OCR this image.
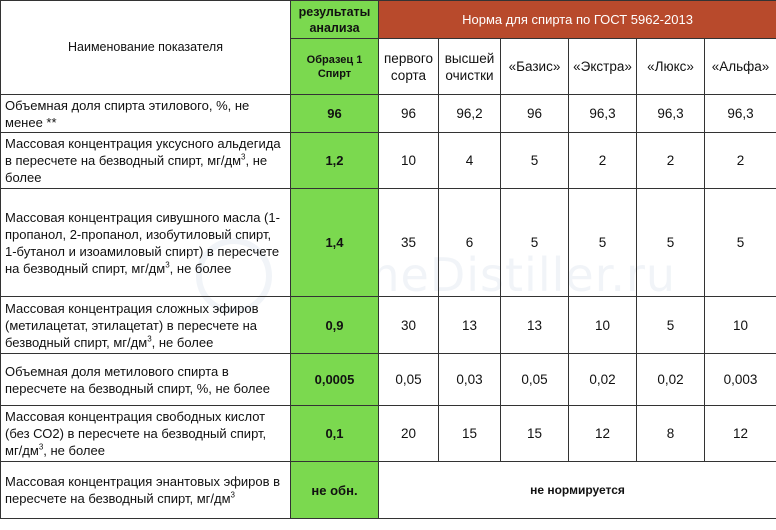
HomeDistiller.ru
Наименование показателя	результаты анализа	Норма для спирта по ГОСТ 5962-2013					
	Образец 1 Спирт	первого сорта	высшей очистки	«Базис»	«Экстра»	«Люкс»	«Альфа»
Объемная доля спирта этилового, %, не менее **	96	96	96,2	96	96,3	96,3	96,3
Массовая концентрация уксусного альдегида в пересчете на безводный спирт, $мг/дм^3$, не более	1,2	10	4	5	2	2	2
Массовая концентрация сивушного масла (1-пропанол, 2-пропанол, изобутиловый спирт, 1-бутанол и изоамиловый спирт) в пересчете на безводный спирт, $мг/дм^3$, не более	1,4	35	6	5	5	5	5
Массовая концентрация сложных эфиров (метилацетат, этилацетат) в пересчете на безводный спирт, $мг/дм^3$, не более	0,9	30	13	13	10	5	10
Объемная доля метилового спирта в пересчете на безводный спирт, %, не более	0,0005	0,05	0,03	0,05	0,02	0,02	0,003
Массовая концентрация свободных кислот (без СО2) в пересчете на безводный спирт, $мг/дм^3$, не более	0,1	20	15	15	12	8	12
Массовая концентрация энантовых эфиров в пересчете на безводный спирт, $мг/дм^3$	не обн.	не нормируется					
